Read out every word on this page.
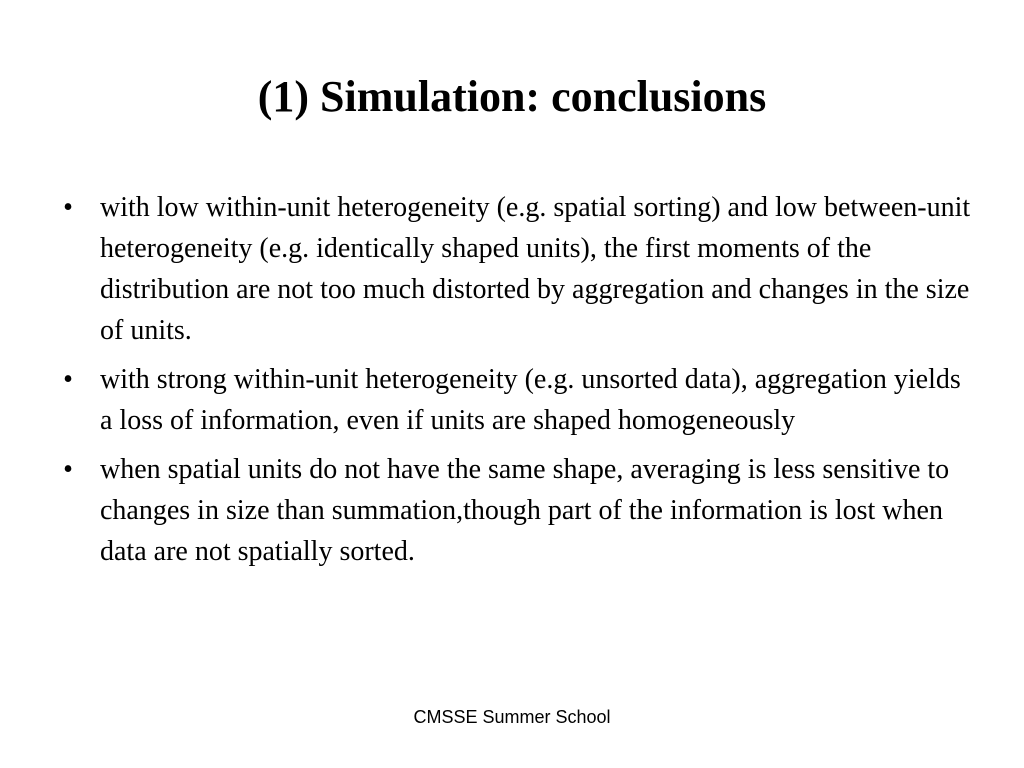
(1) Simulation: conclusions
• with low within-unit heterogeneity (e.g. spatial sorting) and low between-unit heterogeneity (e.g. identically shaped units), the first moments of the distribution are not too much distorted by aggregation and changes in the size of units.
• with strong within-unit heterogeneity (e.g. unsorted data), aggregation yields a loss of information, even if units are shaped homogeneously
• when spatial units do not have the same shape, averaging is less sensitive to changes in size than summation,though part of the information is lost when data are not spatially sorted.
CMSSE Summer School
